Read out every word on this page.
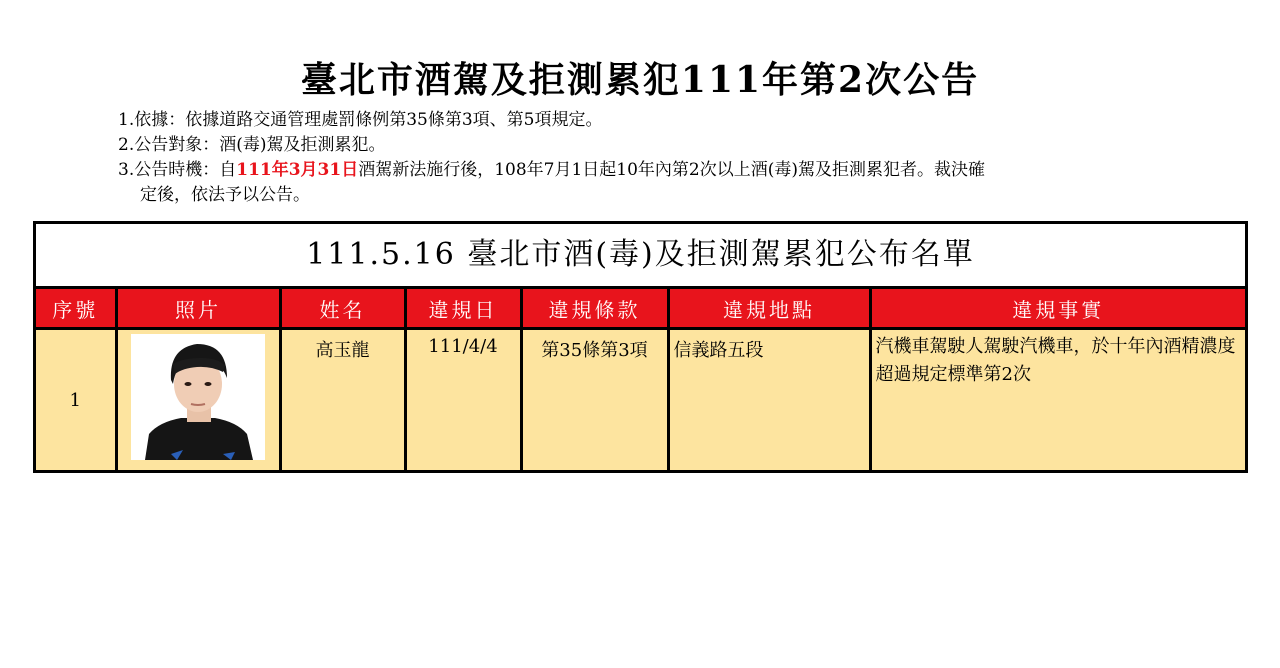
臺北市酒駕及拒測累犯111年第2次公告
1.依據：依據道路交通管理處罰條例第35條第3項、第5項規定。
2.公告對象：酒(毒)駕及拒測累犯。
3.公告時機：自111年3月31日酒駕新法施行後，108年7月1日起10年內第2次以上酒(毒)駕及拒測累犯者。裁決確
定後，依法予以公告。
111.5.16 臺北市酒(毒)及拒測駕累犯公布名單
序號	照片	姓名	違規日	違規條款	違規地點	違規事實
1		高玉龍	111/4/4	第35條第3項	信義路五段	汽機車駕駛人駕駛汽機車，於十年內酒精濃度超過規定標準第2次
